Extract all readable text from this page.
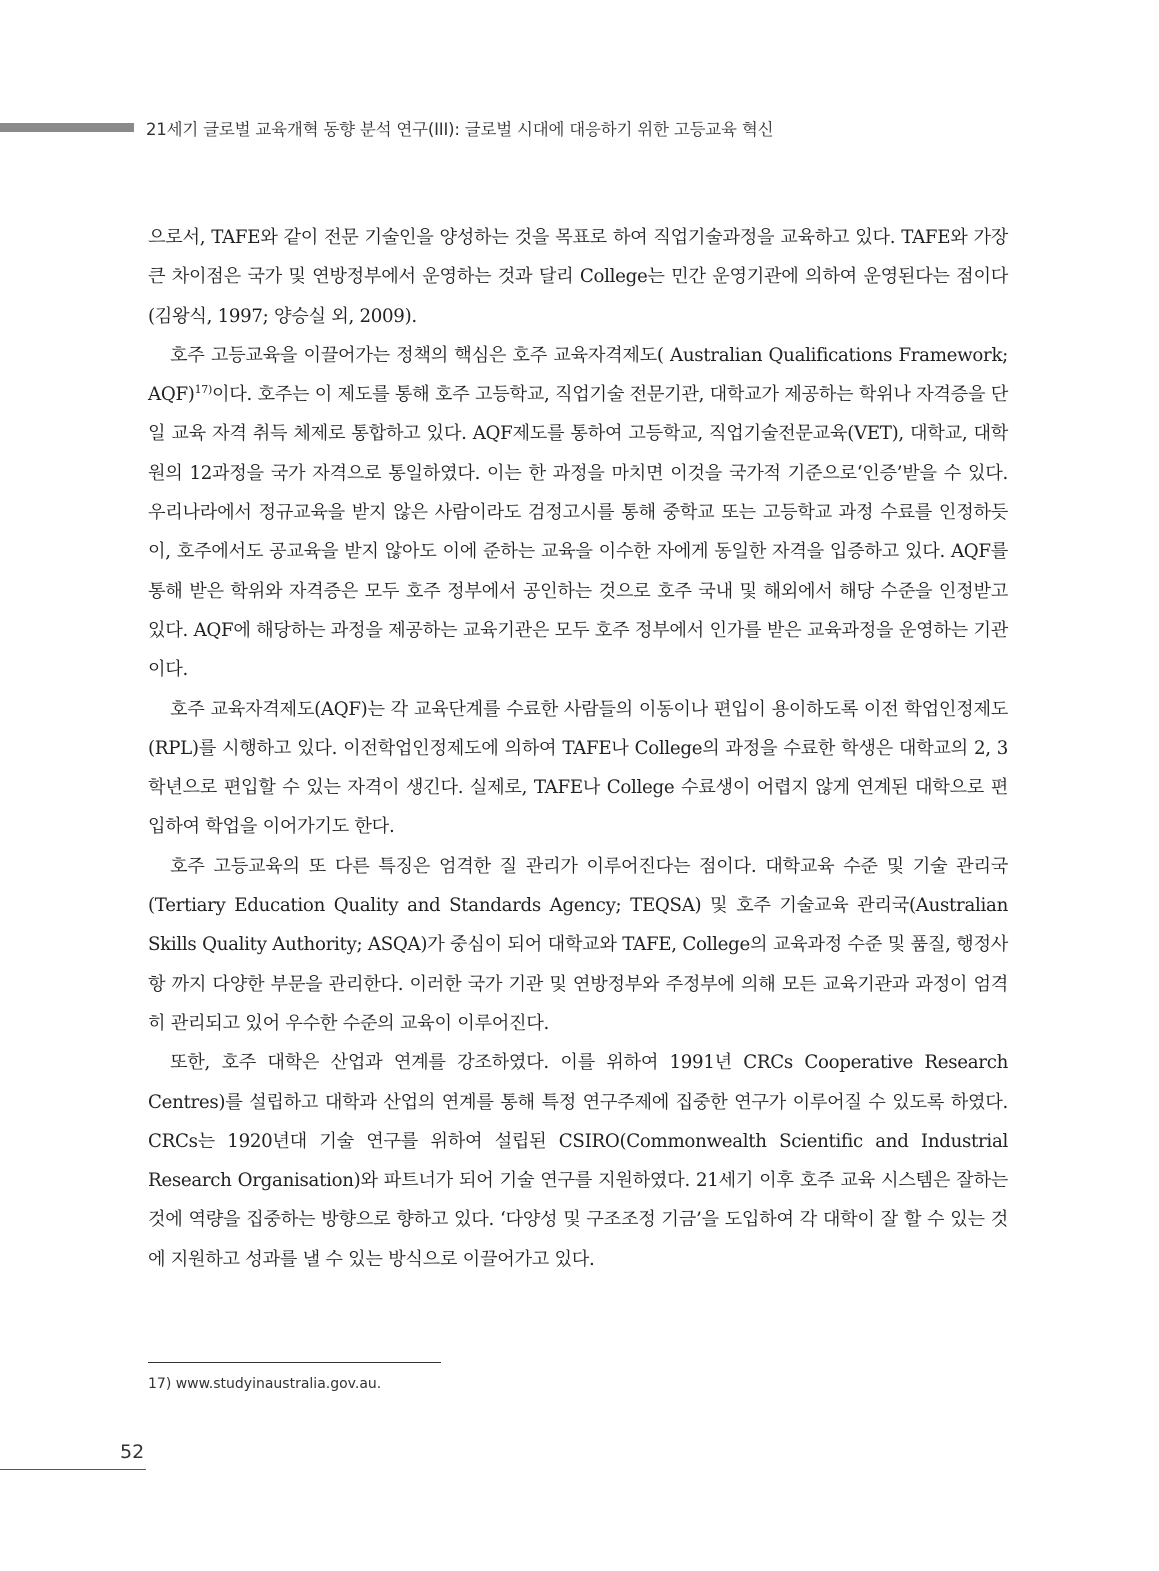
21세기 글로벌 교육개혁 동향 분석 연구(III): 글로벌 시대에 대응하기 위한 고등교육 혁신

으로서, TAFE와 같이 전문 기술인을 양성하는 것을 목표로 하여 직업기술과정을 교육하고 있다. TAFE와 가장 큰 차이점은 국가 및 연방정부에서 운영하는 것과 달리 College는 민간 운영기관에 의하여 운영된다는 점이다(김왕식, 1997; 양승실 외, 2009).

호주 고등교육을 이끌어가는 정책의 핵심은 호주 교육자격제도( Australian Qualifications Framework; AQF)$^{17)}$이다. 호주는 이 제도를 통해 호주 고등학교, 직업기술 전문기관, 대학교가 제공하는 학위나 자격증을 단일 교육 자격 취득 체제로 통합하고 있다. AQF제도를 통하여 고등학교, 직업기술전문교육(VET), 대학교, 대학원의 12과정을 국가 자격으로 통일하였다. 이는 한 과정을 마치면 이것을 국가적 기준으로‘인증’받을 수 있다. 우리나라에서 정규교육을 받지 않은 사람이라도 검정고시를 통해 중학교 또는 고등학교 과정 수료를 인정하듯이, 호주에서도 공교육을 받지 않아도 이에 준하는 교육을 이수한 자에게 동일한 자격을 입증하고 있다. AQF를 통해 받은 학위와 자격증은 모두 호주 정부에서 공인하는 것으로 호주 국내 및 해외에서 해당 수준을 인정받고 있다. AQF에 해당하는 과정을 제공하는 교육기관은 모두 호주 정부에서 인가를 받은 교육과정을 운영하는 기관이다.

호주 교육자격제도(AQF)는 각 교육단계를 수료한 사람들의 이동이나 편입이 용이하도록 이전 학업인정제도(RPL)를 시행하고 있다. 이전학업인정제도에 의하여 TAFE나 College의 과정을 수료한 학생은 대학교의 2, 3학년으로 편입할 수 있는 자격이 생긴다. 실제로, TAFE나 College 수료생이 어렵지 않게 연계된 대학으로 편입하여 학업을 이어가기도 한다.

호주 고등교육의 또 다른 특징은 엄격한 질 관리가 이루어진다는 점이다. 대학교육 수준 및 기술 관리국(Tertiary Education Quality and Standards Agency; TEQSA) 및 호주 기술교육 관리국(Australian Skills Quality Authority; ASQA)가 중심이 되어 대학교와 TAFE, College의 교육과정 수준 및 품질, 행정사항 까지 다양한 부문을 관리한다. 이러한 국가 기관 및 연방정부와 주정부에 의해 모든 교육기관과 과정이 엄격히 관리되고 있어 우수한 수준의 교육이 이루어진다.

또한, 호주 대학은 산업과 연계를 강조하였다. 이를 위하여 1991년 CRCs Cooperative Research Centres)를 설립하고 대학과 산업의 연계를 통해 특정 연구주제에 집중한 연구가 이루어질 수 있도록 하였다. CRCs는 1920년대 기술 연구를 위하여 설립된 CSIRO(Commonwealth Scientific and Industrial Research Organisation)와 파트너가 되어 기술 연구를 지원하였다. 21세기 이후 호주 교육 시스템은 잘하는 것에 역량을 집중하는 방향으로 향하고 있다. ‘다양성 및 구조조정 기금’을 도입하여 각 대학이 잘 할 수 있는 것에 지원하고 성과를 낼 수 있는 방식으로 이끌어가고 있다.

17) www.studyinaustralia.gov.au.
52
